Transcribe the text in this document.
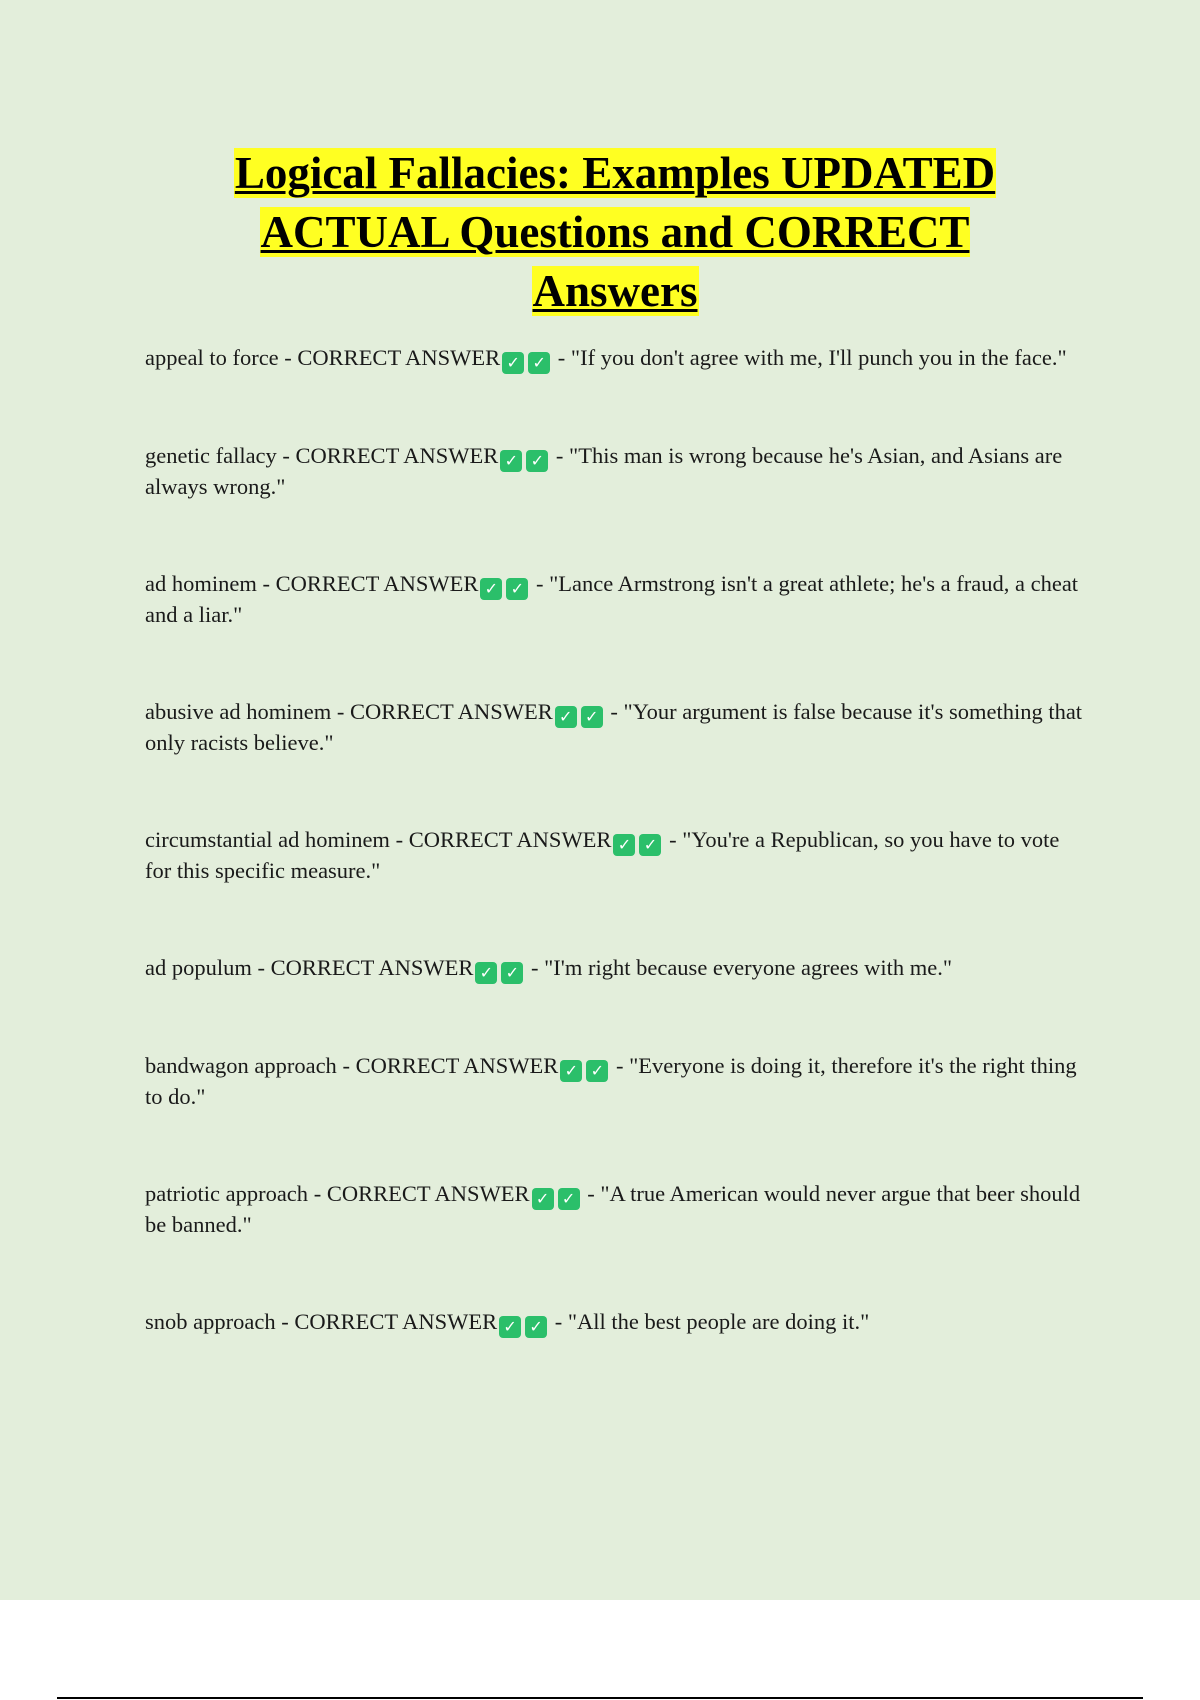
Logical Fallacies: Examples UPDATED
ACTUAL Questions and CORRECT
Answers

appeal to force - CORRECT ANSWER ✓ ✓ - "If you don't agree with me, I'll punch you in the face."

genetic fallacy - CORRECT ANSWER ✓ ✓ - "This man is wrong because he's Asian, and Asians are always wrong."

ad hominem - CORRECT ANSWER ✓ ✓ - "Lance Armstrong isn't a great athlete; he's a fraud, a cheat and a liar."

abusive ad hominem - CORRECT ANSWER ✓ ✓ - "Your argument is false because it's something that only racists believe."

circumstantial ad hominem - CORRECT ANSWER ✓ ✓ - "You're a Republican, so you have to vote for this specific measure."

ad populum - CORRECT ANSWER ✓ ✓ - "I'm right because everyone agrees with me."

bandwagon approach - CORRECT ANSWER ✓ ✓ - "Everyone is doing it, therefore it's the right thing to do."

patriotic approach - CORRECT ANSWER ✓ ✓ - "A true American would never argue that beer should be banned."

snob approach - CORRECT ANSWER ✓ ✓ - "All the best people are doing it."
